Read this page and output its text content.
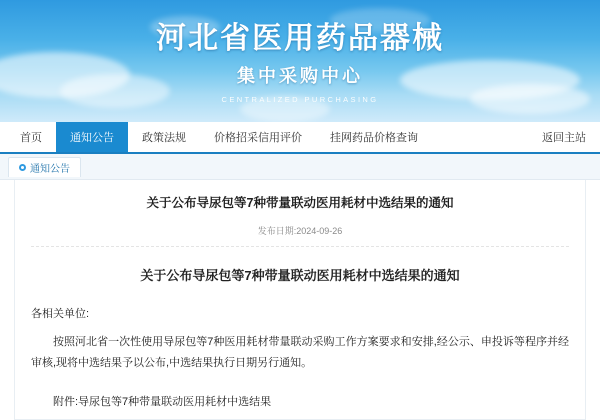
河北省医用药品器械
集中采购中心
CENTRALIZED PURCHASING
首页	通知公告	政策法规	价格招采信用评价	挂网药品价格查询	返回主站
通知公告
关于公布导尿包等7种带量联动医用耗材中选结果的通知
发布日期:2024-09-26
关于公布导尿包等7种带量联动医用耗材中选结果的通知
各相关单位:
按照河北省一次性使用导尿包等7种医用耗材带量联动采购工作方案要求和安排,经公示、申投诉等程序并经审核,现将中选结果予以公布,中选结果执行日期另行通知。
附件:导尿包等7种带量联动医用耗材中选结果
